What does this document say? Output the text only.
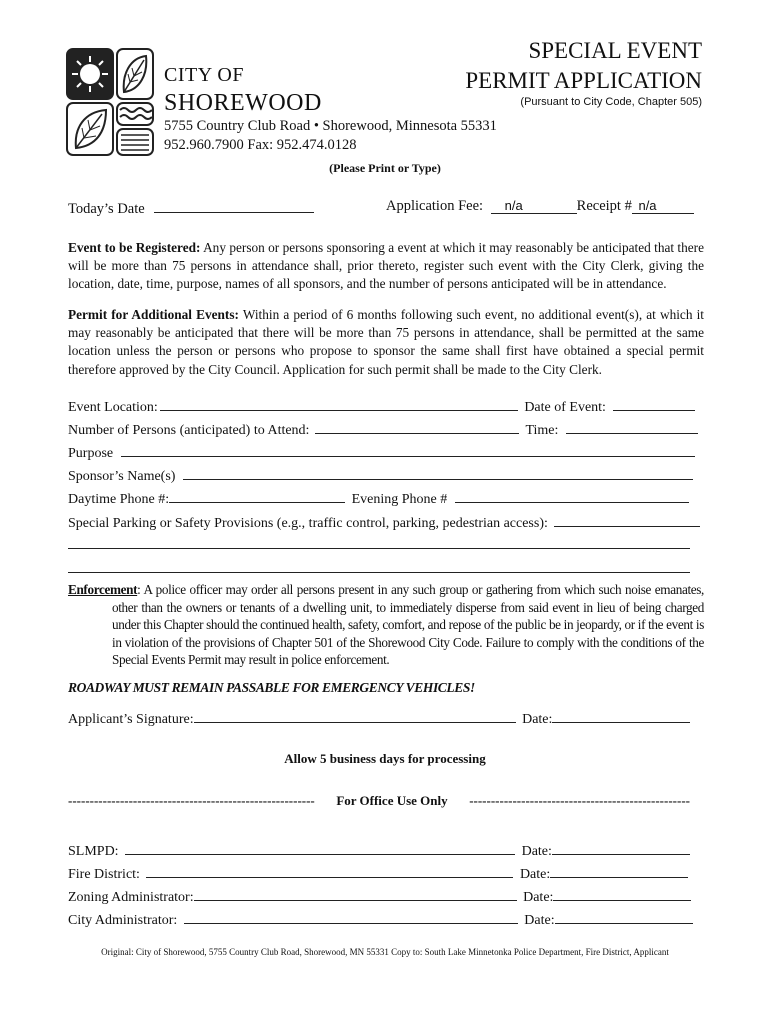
CITY OF
SHOREWOOD
SPECIAL EVENT
PERMIT APPLICATION
(Pursuant to City Code, Chapter 505)
5755 Country Club Road • Shorewood, Minnesota 55331
952.960.7900 Fax: 952.474.0128
(Please Print or Type)
Today’s Date	Application Fee: n/a	Receipt # n/a
Event to be Registered: Any person or persons sponsoring a event at which it may reasonably be anticipated that there will be more than 75 persons in attendance shall, prior thereto, register such event with the City Clerk, giving the location, date, time, purpose, names of all sponsors, and the number of persons anticipated will be in attendance.
Permit for Additional Events: Within a period of 6 months following such event, no additional event(s), at which it may reasonably be anticipated that there will be more than 75 persons in attendance, shall be permitted at the same location unless the person or persons who propose to sponsor the same shall first have obtained a special permit therefore approved by the City Council. Application for such permit shall be made to the City Clerk.
Event Location:	Date of Event:
Number of Persons (anticipated) to Attend:	Time:
Purpose
Sponsor’s Name(s)
Daytime Phone #:	Evening Phone #
Special Parking or Safety Provisions (e.g., traffic control, parking, pedestrian access):
Enforcement: A police officer may order all persons present in any such group or gathering from which such noise emanates, other than the owners or tenants of a dwelling unit, to immediately disperse from said event in lieu of being charged under this Chapter should the continued health, safety, comfort, and repose of the public be in jeopardy, or if the event is in violation of the provisions of Chapter 501 of the Shorewood City Code. Failure to comply with the conditions of the Special Events Permit may result in police enforcement.
ROADWAY MUST REMAIN PASSABLE FOR EMERGENCY VEHICLES!
Applicant’s Signature:	Date:
Allow 5 business days for processing
--------------------------------------------------------- For Office Use Only ---------------------------------------------------
SLMPD:	Date:
Fire District:	Date:
Zoning Administrator:	Date:
City Administrator:	Date:
Original: City of Shorewood, 5755 Country Club Road, Shorewood, MN 55331 Copy to: South Lake Minnetonka Police Department, Fire District, Applicant
